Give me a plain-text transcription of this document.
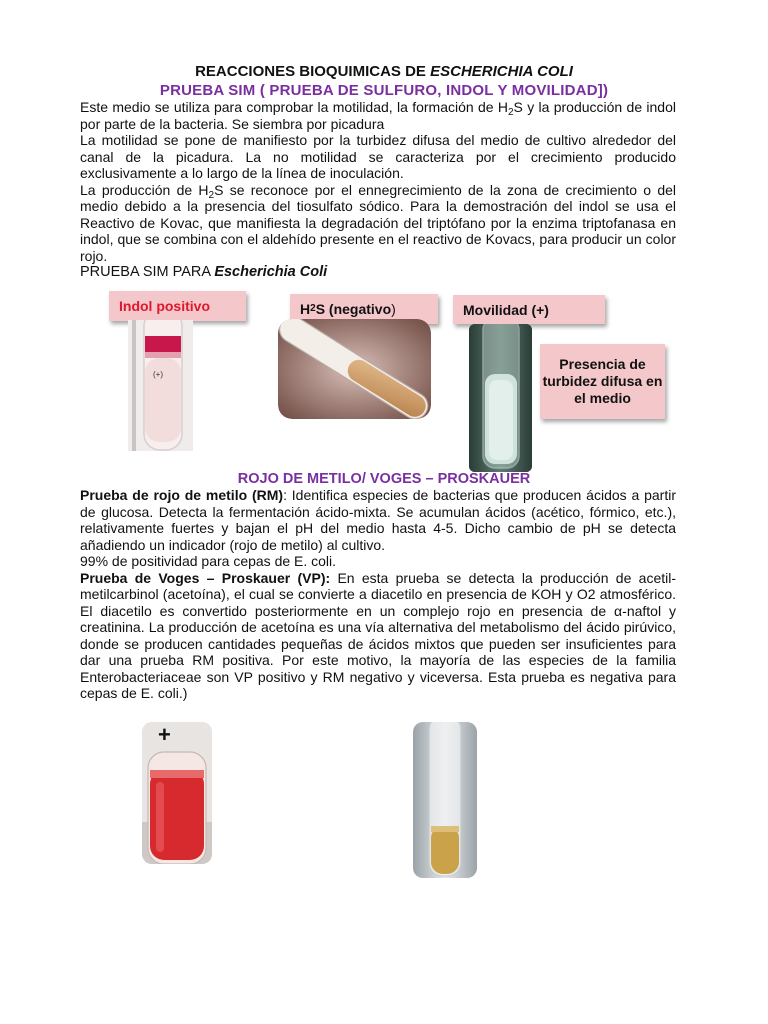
REACCIONES BIOQUIMICAS DE ESCHERICHIA COLI
PRUEBA SIM ( PRUEBA DE SULFURO, INDOL Y MOVILIDAD])

Este medio se utiliza para comprobar la motilidad, la formación de $H_2S$ y la producción de indol por parte de la bacteria. Se siembra por picadura

La motilidad se pone de manifiesto por la turbidez difusa del medio de cultivo alrededor del canal de la picadura. La no motilidad se caracteriza por el crecimiento producido exclusivamente a lo largo de la línea de inoculación.

La producción de $H_2S$ se reconoce por el ennegrecimiento de la zona de crecimiento o del medio debido a la presencia del tiosulfato sódico. Para la demostración del indol se usa el Reactivo de Kovac, que manifiesta la degradación del triptófano por la enzima triptofanasa en indol, que se combina con el aldehído presente en el reactivo de Kovacs, para producir un color rojo.

PRUEBA SIM PARA Escherichia Coli
Indol positivo	H 2 S (negativo )	Movilidad (+)
Presencia de turbidez difusa en el medio
(+)
ROJO DE METILO/ VOGES – PROSKAUER

Prueba de rojo de metilo (RM): Identifica especies de bacterias que producen ácidos a partir de glucosa. Detecta la fermentación ácido-mixta. Se acumulan ácidos (acético, fórmico, etc.), relativamente fuertes y bajan el pH del medio hasta 4-5. Dicho cambio de pH se detecta añadiendo un indicador (rojo de metilo) al cultivo.

99% de positividad para cepas de E. coli.

Prueba de Voges – Proskauer (VP): En esta prueba se detecta la producción de acetil-metilcarbinol (acetoína), el cual se convierte a diacetilo en presencia de KOH y O2 atmosférico. El diacetilo es convertido posteriormente en un complejo rojo en presencia de α-naftol y creatinina. La producción de acetoína es una vía alternativa del metabolismo del ácido pirúvico, donde se producen cantidades pequeñas de ácidos mixtos que pueden ser insuficientes para dar una prueba RM positiva. Por este motivo, la mayoría de las especies de la familia Enterobacteriaceae son VP positivo y RM negativo y viceversa. Esta prueba es negativa para cepas de E. coli.)

+
